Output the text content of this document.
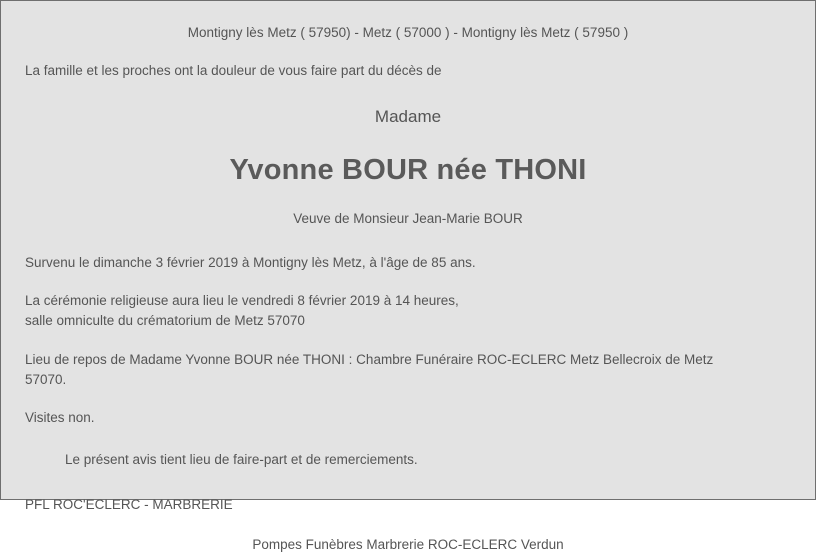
Montigny lès Metz ( 57950) - Metz ( 57000 ) - Montigny lès Metz ( 57950 )
La famille et les proches ont la douleur de vous faire part du décès de
Madame
Yvonne BOUR née THONI
Veuve de Monsieur Jean-Marie BOUR
Survenu le dimanche 3 février 2019 à Montigny lès Metz, à l'âge de 85 ans.
La cérémonie religieuse aura lieu le vendredi 8 février 2019 à 14 heures,
salle omniculte du crématorium de Metz 57070
Lieu de repos de Madame Yvonne BOUR née THONI : Chambre Funéraire ROC-ECLERC Metz Bellecroix de Metz
57070.
Visites non.
Le présent avis tient lieu de faire-part et de remerciements.
PFL ROC'ECLERC - MARBRERIE
Pompes Funèbres Marbrerie ROC-ECLERC Verdun
